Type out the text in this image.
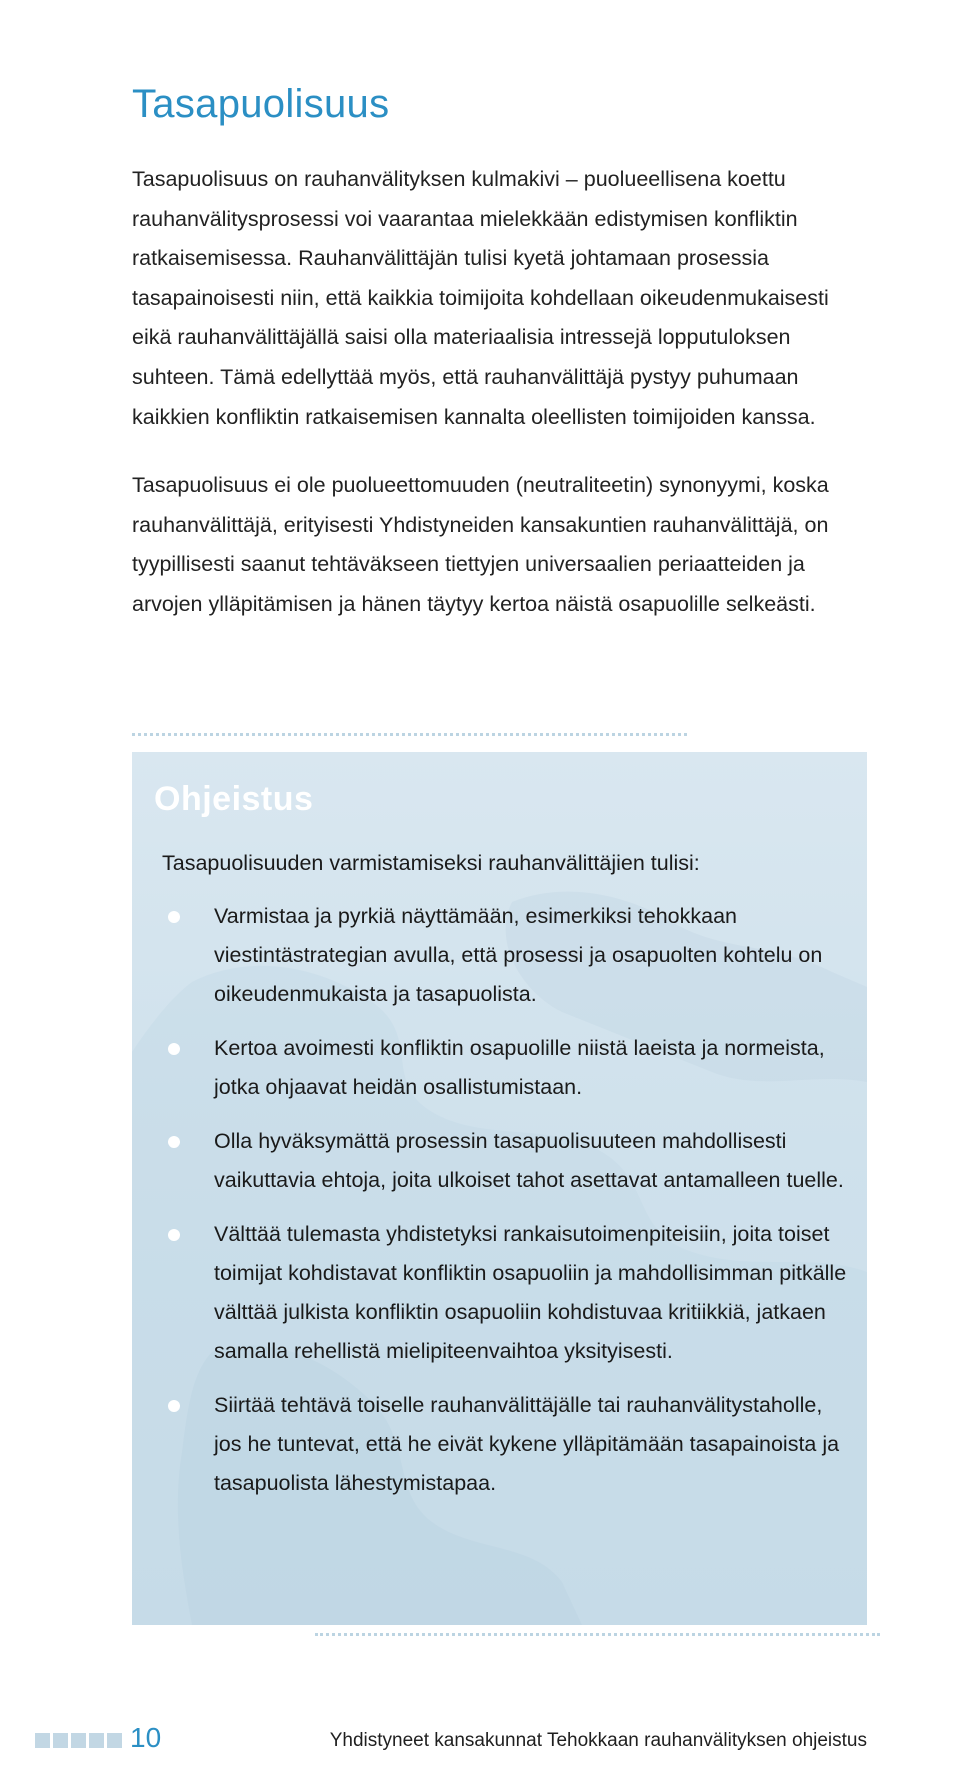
Tasapuolisuus

Tasapuolisuus on rauhanvälityksen kulmakivi – puolueellisena koettu rauhanvälitysprosessi voi vaarantaa mielekkään edistymisen konfliktin ratkaisemisessa. Rauhanvälittäjän tulisi kyetä johtamaan prosessia tasapainoisesti niin, että kaikkia toimijoita kohdellaan oikeudenmukaisesti eikä rauhanvälittäjällä saisi olla materiaalisia intressejä lopputuloksen suhteen. Tämä edellyttää myös, että rauhanvälittäjä pystyy puhumaan kaikkien konfliktin ratkaisemisen kannalta oleellisten toimijoiden kanssa.

Tasapuolisuus ei ole puolueettomuuden (neutraliteetin) synonyymi, koska rauhanvälittäjä, erityisesti Yhdistyneiden kansakuntien rauhanvälittäjä, on tyypillisesti saanut tehtäväkseen tiettyjen universaalien periaatteiden ja arvojen ylläpitämisen ja hänen täytyy kertoa näistä osapuolille selkeästi.

Ohjeistus

Tasapuolisuuden varmistamiseksi rauhanvälittäjien tulisi:

Varmistaa ja pyrkiä näyttämään, esimerkiksi tehokkaan viestintästrategian avulla, että prosessi ja osapuolten kohtelu on oikeudenmukaista ja tasapuolista.
Kertoa avoimesti konfliktin osapuolille niistä laeista ja normeista, jotka ohjaavat heidän osallistumistaan.
Olla hyväksymättä prosessin tasapuolisuuteen mahdollisesti vaikuttavia ehtoja, joita ulkoiset tahot asettavat antamalleen tuelle.
Välttää tulemasta yhdistetyksi rankaisutoimenpiteisiin, joita toiset toimijat kohdistavat konfliktin osapuoliin ja mahdollisimman pitkälle välttää julkista konfliktin osapuoliin kohdistuvaa kritiikkiä, jatkaen samalla rehellistä mielipiteenvaihtoa yksityisesti.
Siirtää tehtävä toiselle rauhanvälittäjälle tai rauhanvälitystaholle, jos he tuntevat, että he eivät kykene ylläpitämään tasapainoista ja tasapuolista lähestymistapaa.
10	Yhdistyneet kansakunnat Tehokkaan rauhanvälityksen ohjeistus
